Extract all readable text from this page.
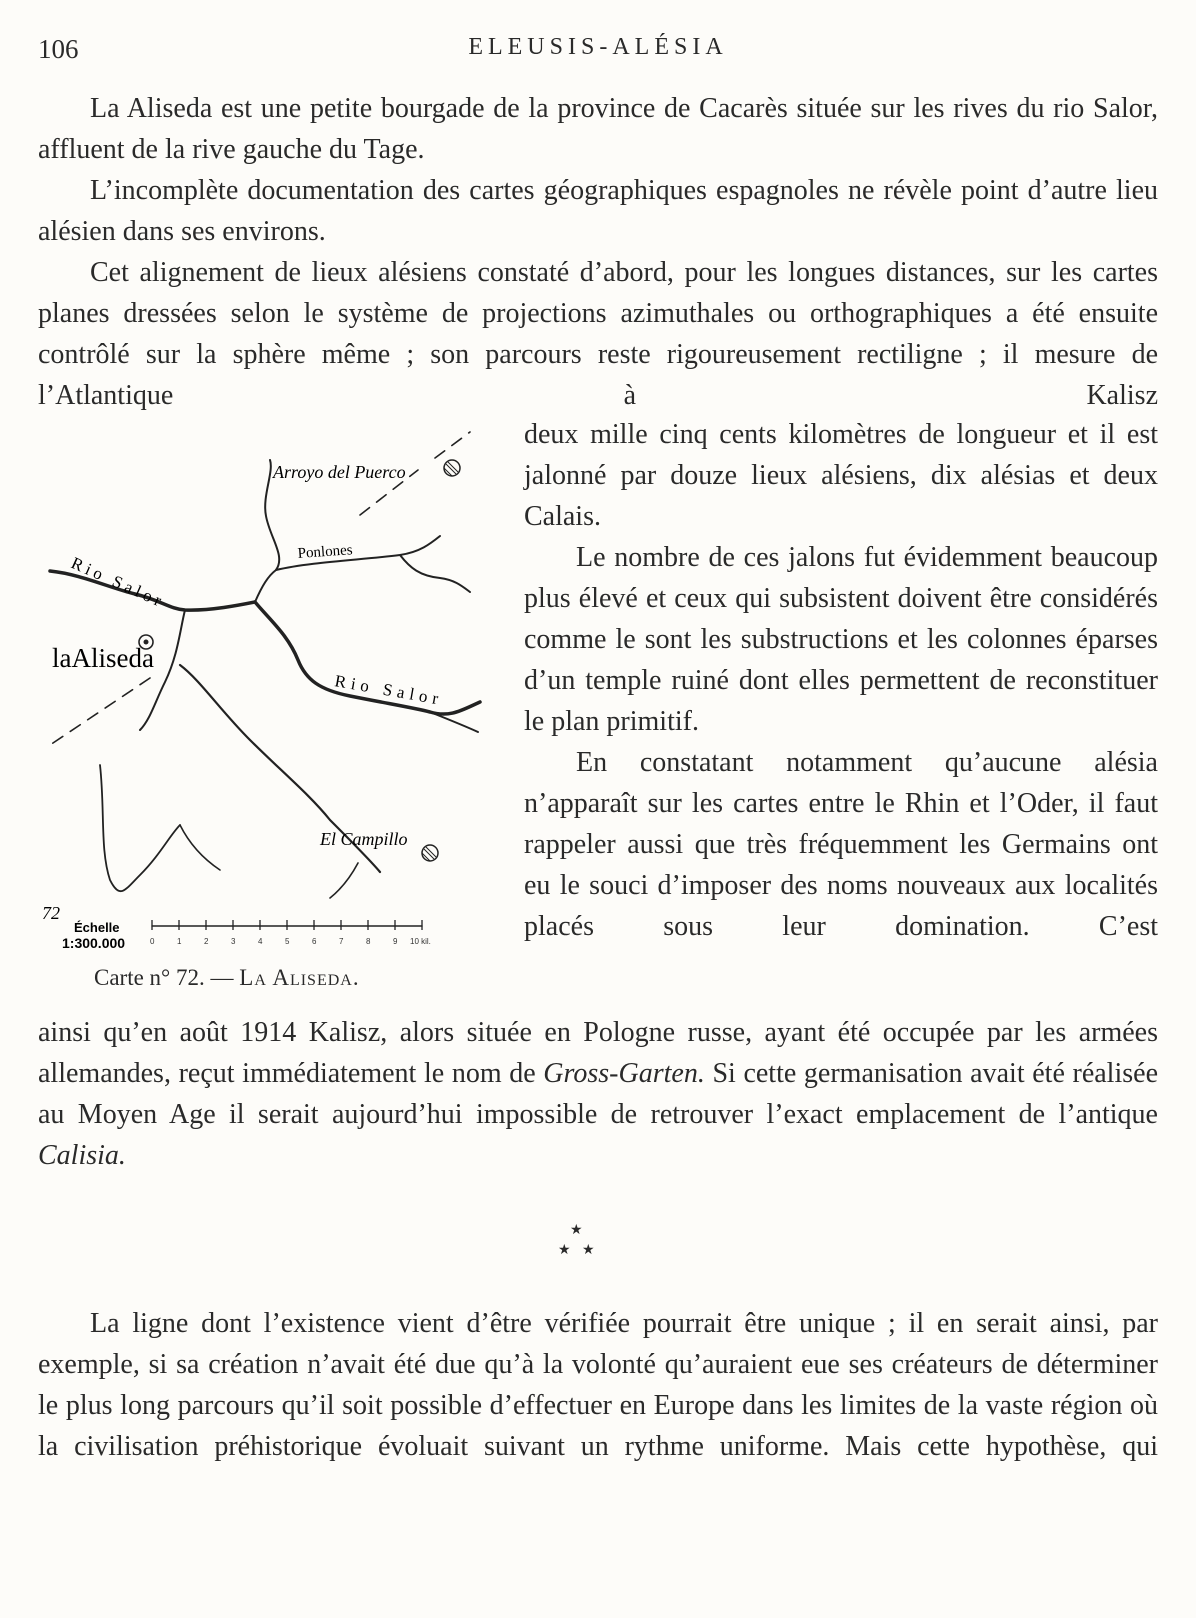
106	ELEUSIS-ALÉSIA

La Aliseda est une petite bourgade de la province de Cacarès située sur les rives du rio Salor, affluent de la rive gauche du Tage.

L’incomplète documentation des cartes géographiques espagnoles ne révèle point d’autre lieu alésien dans ses environs.

Cet alignement de lieux alésiens constaté d’abord, pour les longues distances, sur les cartes planes dressées selon le système de projections azimuthales ou orthographiques a été ensuite contrôlé sur la sphère même ; son parcours reste rigoureusement rectiligne ; il mesure de l’Atlantique à Kalisz

Arroyo del Puerco
Ponlones
Rio Salor
Rio Salor
laAliseda
El Campillo
72
Échelle
1:300.000	0	1	2	3	4	5	6	7	8	9 10 kil.
Carte n° 72. — La Aliseda.

deux mille cinq cents kilomètres de longueur et il est jalonné par douze lieux alésiens, dix alésias et deux Calais.

Le nombre de ces jalons fut évidemment beaucoup plus élevé et ceux qui subsistent doivent être considérés comme le sont les substructions et les colonnes éparses d’un temple ruiné dont elles permettent de reconstituer le plan primitif.

En constatant notamment qu’aucune alésia n’apparaît sur les cartes entre le Rhin et l’Oder, il faut rappeler aussi que très fréquemment les Germains ont eu le souci d’imposer des noms nouveaux aux localités placés sous leur domination. C’est

ainsi qu’en août 1914 Kalisz, alors située en Pologne russe, ayant été occupée par les armées allemandes, reçut immédiatement le nom de Gross-Garten. Si cette germanisation avait été réalisée au Moyen Age il serait aujourd’hui impossible de retrouver l’exact emplacement de l’antique Calisia.

★
★ ★

La ligne dont l’existence vient d’être vérifiée pourrait être unique ; il en serait ainsi, par exemple, si sa création n’avait été due qu’à la volonté qu’auraient eue ses créateurs de déterminer le plus long parcours qu’il soit possible d’effectuer en Europe dans les limites de la vaste région où la civilisation préhistorique évoluait suivant un rythme uniforme. Mais cette hypothèse, qui
